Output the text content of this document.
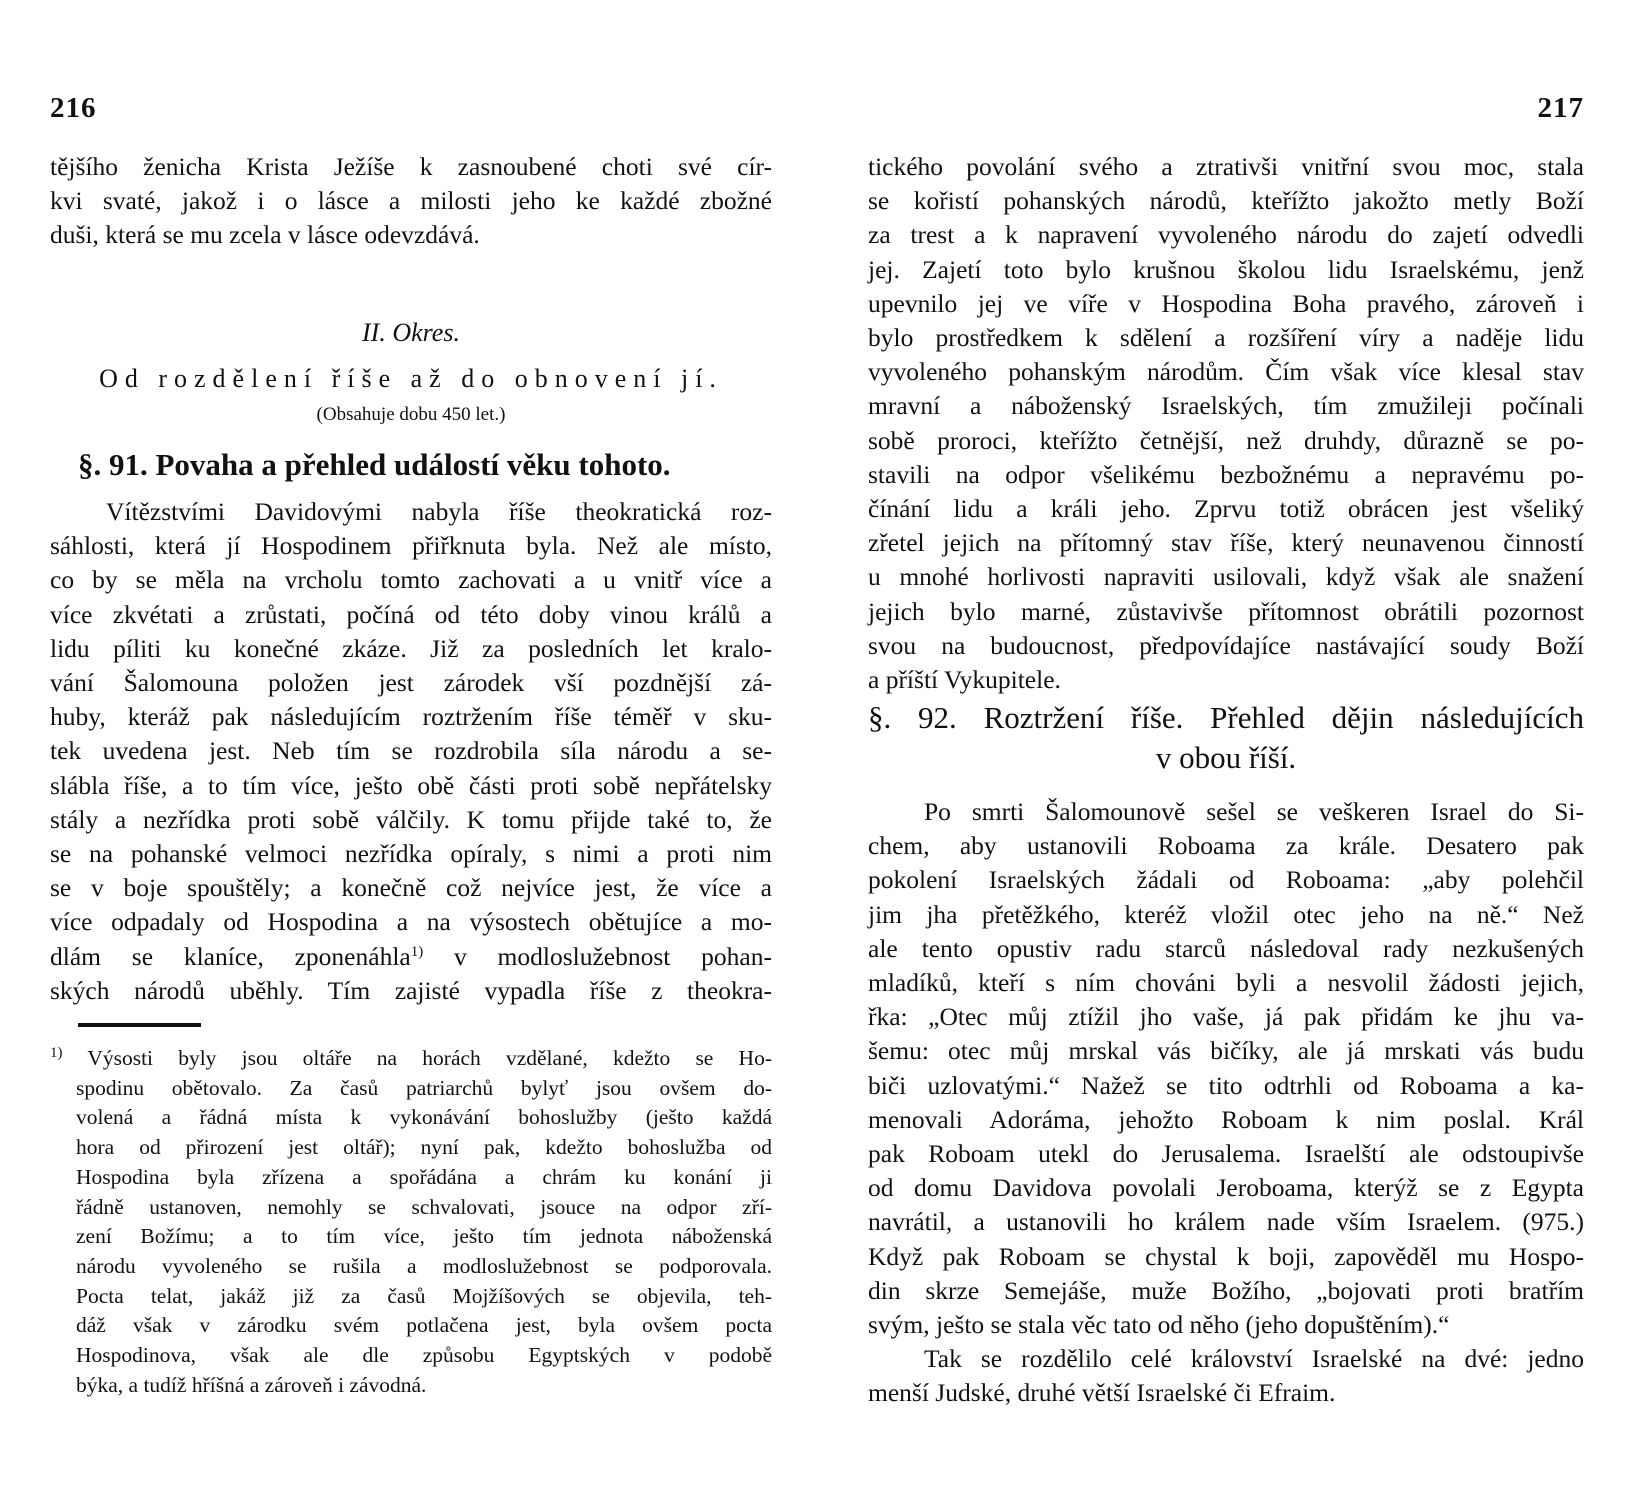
216
tějšího ženicha Krista Ježíše k zasnoubené choti své cír-
kvi svaté, jakož i o lásce a milosti jeho ke každé zbožné
duši, která se mu zcela v lásce odevzdává.
II. Okres.
Od rozdělení říše až do obnovení jí.
(Obsahuje dobu 450 let.)
§. 91. Povaha a přehled událostí věku tohoto.
Vítězstvími Davidovými nabyla říše theokratická roz-
sáhlosti, která jí Hospodinem přiřknuta byla. Než ale místo,
co by se měla na vrcholu tomto zachovati a u vnitř více a
více zkvétati a zrůstati, počíná od této doby vinou králů a
lidu píliti ku konečné zkáze. Již za posledních let kralo-
vání Šalomouna položen jest zárodek vší pozdnější zá-
huby, kteráž pak následujícím roztržením říše téměř v sku-
tek uvedena jest. Neb tím se rozdrobila síla národu a se-
slábla říše, a to tím více, ješto obě části proti sobě nepřátelsky
stály a nezřídka proti sobě válčily. K tomu přijde také to, že
se na pohanské velmoci nezřídka opíraly, s nimi a proti nim
se v boje spouštěly; a konečně což nejvíce jest, že více a
více odpadaly od Hospodina a na výsostech obětujíce a mo-
dlám se klaníce, zponenáhla$^{1)}$ v modloslužebnost pohan-
ských národů uběhly. Tím zajisté vypadla říše z theokra-
$^{1)}$ Výsosti byly jsou oltáře na horách vzdělané, kdežto se Ho-
spodinu obětovalo. Za časů patriarchů bylyť jsou ovšem do-
volená a řádná místa k vykonávání bohoslužby (ješto každá
hora od přirození jest oltář); nyní pak, kdežto bohoslužba od
Hospodina byla zřízena a spořádána a chrám ku konání ji
řádně ustanoven, nemohly se schvalovati, jsouce na odpor zří-
zení Božímu; a to tím více, ješto tím jednota náboženská
národu vyvoleného se rušila a modloslužebnost se podporovala.
Pocta telat, jakáž již za časů Mojžíšových se objevila, teh-
dáž však v zárodku svém potlačena jest, byla ovšem pocta
Hospodinova, však ale dle způsobu Egyptských v podobě
býka, a tudíž hříšná a zároveň i závodná.
217
tického povolání svého a ztrativši vnitřní svou moc, stala
se kořistí pohanských národů, kteřížto jakožto metly Boží
za trest a k napravení vyvoleného národu do zajetí odvedli
jej. Zajetí toto bylo krušnou školou lidu Israelskému, jenž
upevnilo jej ve víře v Hospodina Boha pravého, zároveň i
bylo prostředkem k sdělení a rozšíření víry a naděje lidu
vyvoleného pohanským národům. Čím však více klesal stav
mravní a náboženský Israelských, tím zmužileji počínali
sobě proroci, kteřížto četnější, než druhdy, důrazně se po-
stavili na odpor všelikému bezbožnému a nepravému po-
čínání lidu a králi jeho. Zprvu totiž obrácen jest všeliký
zřetel jejich na přítomný stav říše, který neunavenou činností
u mnohé horlivosti napraviti usilovali, když však ale snažení
jejich bylo marné, zůstavivše přítomnost obrátili pozornost
svou na budoucnost, předpovídajíce nastávající soudy Boží
a příští Vykupitele.
§. 92. Roztržení říše. Přehled dějin následujících
v obou říší.
Po smrti Šalomounově sešel se veškeren Israel do Si-
chem, aby ustanovili Roboama za krále. Desatero pak
pokolení Israelských žádali od Roboama: „aby polehčil
jim jha přetěžkého, kteréž vložil otec jeho na ně.“ Než
ale tento opustiv radu starců následoval rady nezkušených
mladíků, kteří s ním chováni byli a nesvolil žádosti jejich,
řka: „Otec můj ztížil jho vaše, já pak přidám ke jhu va-
šemu: otec můj mrskal vás bičíky, ale já mrskati vás budu
biči uzlovatými.“ Nažež se tito odtrhli od Roboama a ka-
menovali Adoráma, jehožto Roboam k nim poslal. Král
pak Roboam utekl do Jerusalema. Israelští ale odstoupivše
od domu Davidova povolali Jeroboama, kterýž se z Egypta
navrátil, a ustanovili ho králem nade vším Israelem. (975.)
Když pak Roboam se chystal k boji, zapověděl mu Hospo-
din skrze Semejáše, muže Božího, „bojovati proti bratřím
svým, ješto se stala věc tato od něho (jeho dopuštěním).“
Tak se rozdělilo celé království Israelské na dvé: jedno
menší Judské, druhé větší Israelské či Efraim.
